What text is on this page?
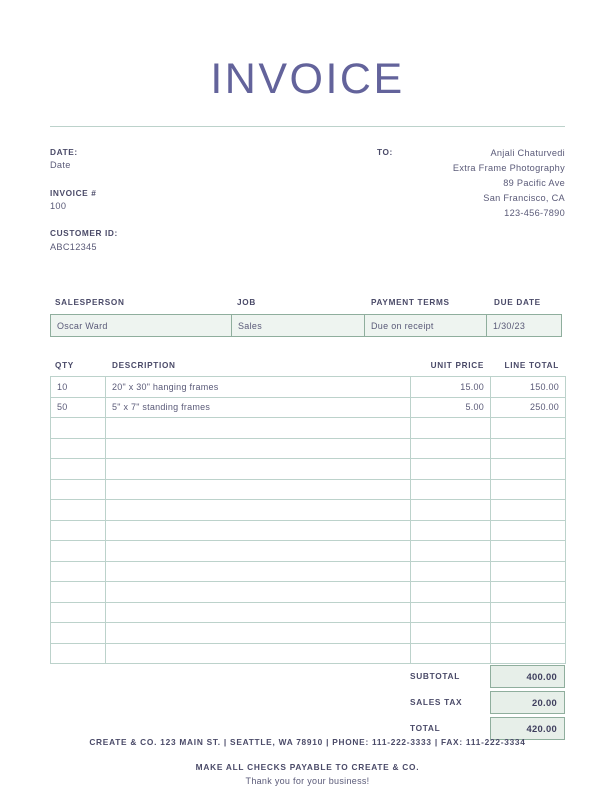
INVOICE
DATE:
Date
INVOICE #
100
CUSTOMER ID:
ABC12345
TO:	Anjali Chaturvedi
Extra Frame Photography
89 Pacific Ave
San Francisco, CA
123-456-7890
SALESPERSON	JOB	PAYMENT TERMS	DUE DATE
Oscar Ward	Sales	Due on receipt	1/30/23
QTY	DESCRIPTION	UNIT PRICE	LINE TOTAL
10	20" x 30" hanging frames	15.00	150.00
50	5" x 7" standing frames	5.00	250.00

SUBTOTAL	400.00
SALES TAX	20.00
TOTAL	420.00
MAKE ALL CHECKS PAYABLE TO CREATE & CO.
Thank you for your business!
CREATE & CO. 123 MAIN ST. | SEATTLE, WA 78910 | PHONE: 111-222-3333 | FAX: 111-222-3334
